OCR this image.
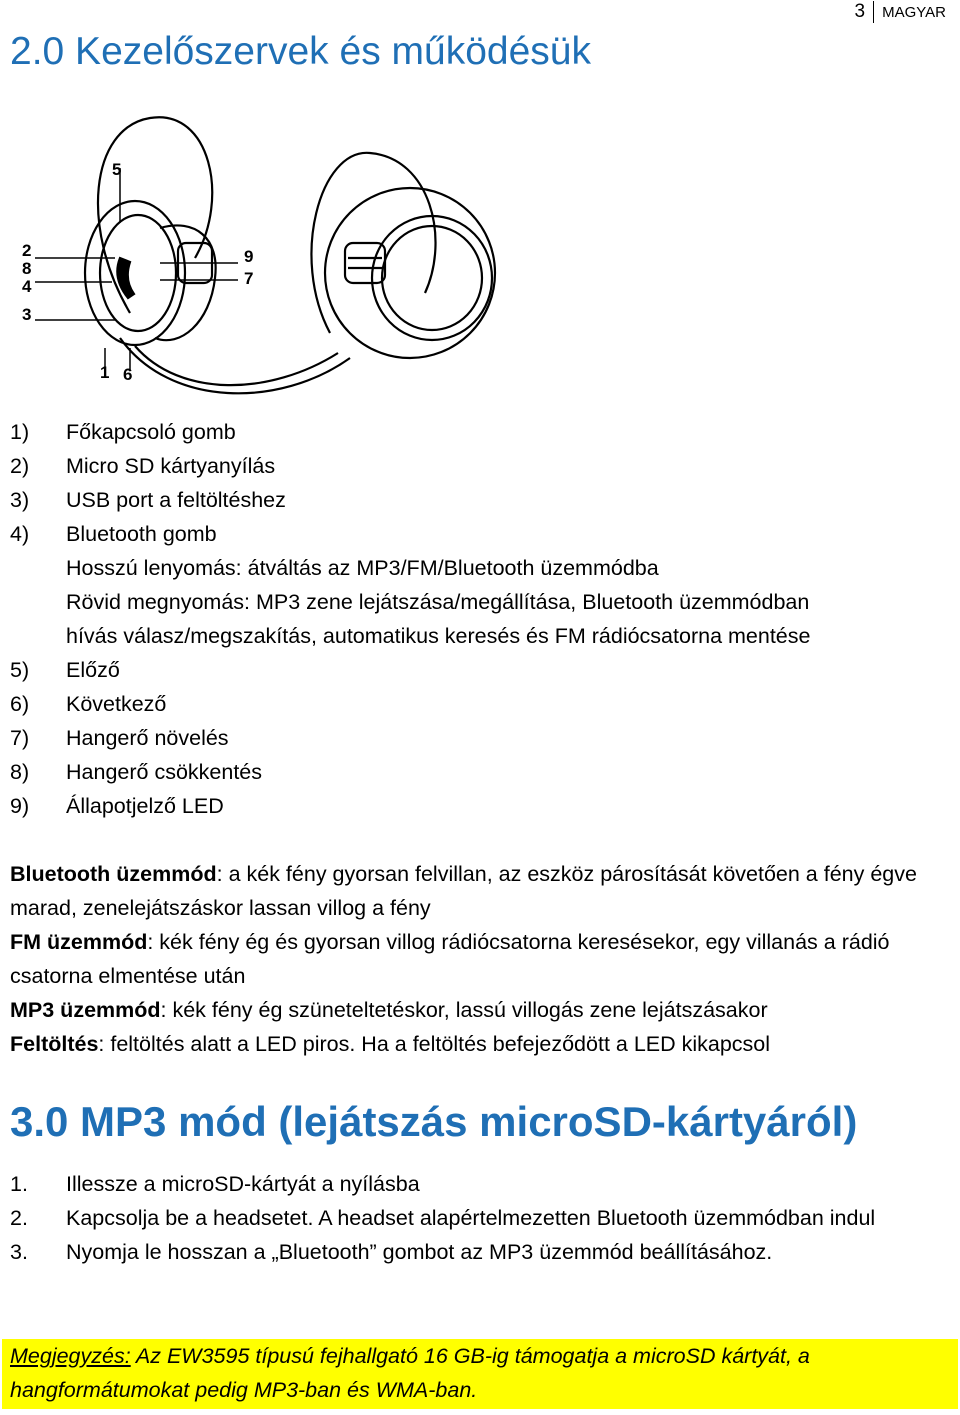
3	MAGYAR
2.0 Kezelőszervek és működésük
2
8
4
3
5
1 6
9
7
1)	Főkapcsoló gomb
2)	Micro SD kártyanyílás
3)	USB port a feltöltéshez
4)	Bluetooth gomb
Hosszú lenyomás: átváltás az MP3/FM/Bluetooth üzemmódba
Rövid megnyomás: MP3 zene lejátszása/megállítása, Bluetooth üzemmódban
hívás válasz/megszakítás, automatikus keresés és FM rádiócsatorna mentése
5)	Előző
6)	Következő
7)	Hangerő növelés
8)	Hangerő csökkentés
9)	Állapotjelző LED

Bluetooth üzemmód: a kék fény gyorsan felvillan, az eszköz párosítását követően a fény égve marad, zenelejátszáskor lassan villog a fény

FM üzemmód: kék fény ég és gyorsan villog rádiócsatorna keresésekor, egy villanás a rádió csatorna elmentése után

MP3 üzemmód: kék fény ég szüneteltetéskor, lassú villogás zene lejátszásakor

Feltöltés: feltöltés alatt a LED piros. Ha a feltöltés befejeződött a LED kikapcsol

3.0 MP3 mód (lejátszás microSD-kártyáról)
1.	Illessze a microSD-kártyát a nyílásba
2.	Kapcsolja be a headsetet. A headset alapértelmezetten Bluetooth üzemmódban indul
3.	Nyomja le hosszan a „Bluetooth” gombot az MP3 üzemmód beállításához.
Megjegyzés: Az EW3595 típusú fejhallgató 16 GB-ig támogatja a microSD kártyát, a hangformátumokat pedig MP3-ban és WMA-ban.
